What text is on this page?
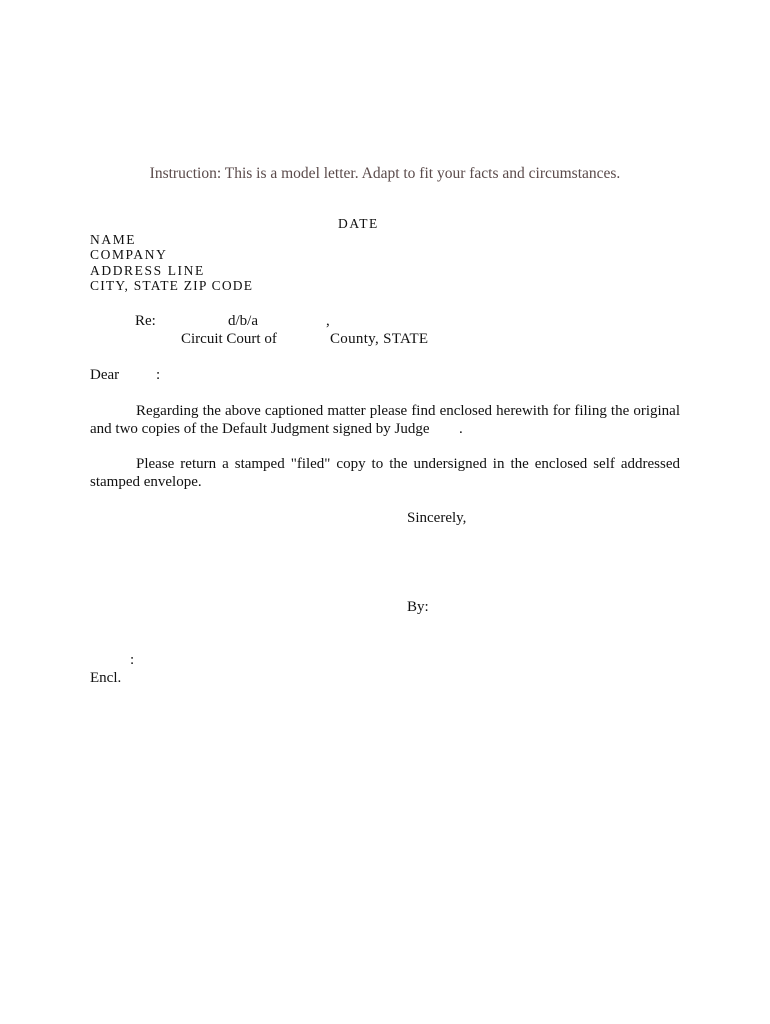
Instruction: This is a model letter. Adapt to fit your facts and circumstances.
DATE
NAME
COMPANY
ADDRESS LINE
CITY, STATE ZIP CODE
Re:	d/b/a	,
Circuit Court of	County, STATE
Dear :
Regarding the above captioned matter please find enclosed herewith for filing the original
and two copies of the Default Judgment signed by Judge .
Please return a stamped "filed" copy to the undersigned in the enclosed self addressed
stamped envelope.
Sincerely,
By:
:
Encl.
